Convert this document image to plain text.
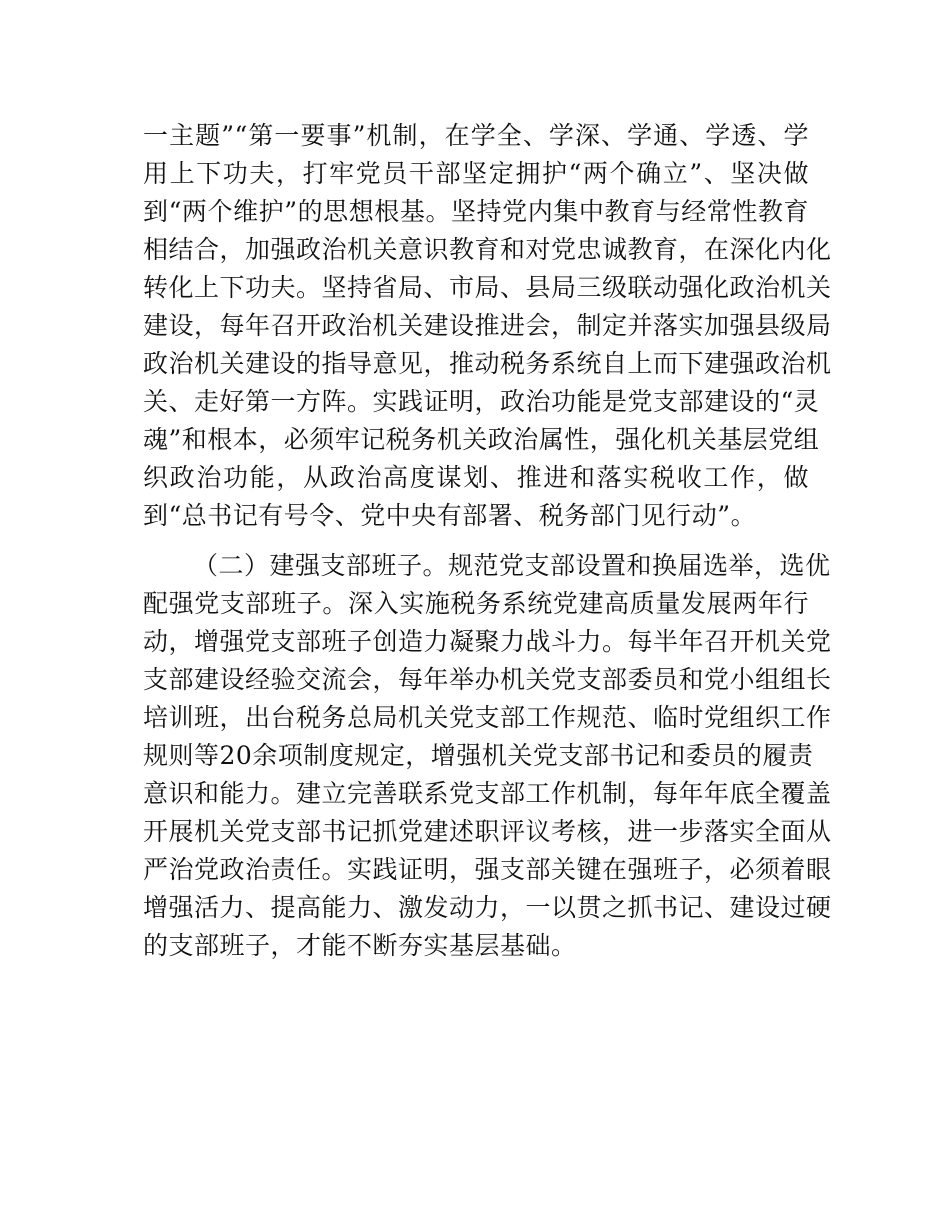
一主题”“第一要事”机制，在学全、学深、学通、学透、学
用上下功夫，打牢党员干部坚定拥护“两个确立”、坚决做
到“两个维护”的思想根基。坚持党内集中教育与经常性教育
相结合，加强政治机关意识教育和对党忠诚教育，在深化内化
转化上下功夫。坚持省局、市局、县局三级联动强化政治机关
建设，每年召开政治机关建设推进会，制定并落实加强县级局
政治机关建设的指导意见，推动税务系统自上而下建强政治机
关、走好第一方阵。实践证明，政治功能是党支部建设的“灵
魂”和根本，必须牢记税务机关政治属性，强化机关基层党组
织政治功能，从政治高度谋划、推进和落实税收工作，做
到“总书记有号令、党中央有部署、税务部门见行动”。
（二）建强支部班子。规范党支部设置和换届选举，选优
配强党支部班子。深入实施税务系统党建高质量发展两年行
动，增强党支部班子创造力凝聚力战斗力。每半年召开机关党
支部建设经验交流会，每年举办机关党支部委员和党小组组长
培训班，出台税务总局机关党支部工作规范、临时党组织工作
规则等20余项制度规定，增强机关党支部书记和委员的履责
意识和能力。建立完善联系党支部工作机制，每年年底全覆盖
开展机关党支部书记抓党建述职评议考核，进一步落实全面从
严治党政治责任。实践证明，强支部关键在强班子，必须着眼
增强活力、提高能力、激发动力，一以贯之抓书记、建设过硬
的支部班子，才能不断夯实基层基础。
